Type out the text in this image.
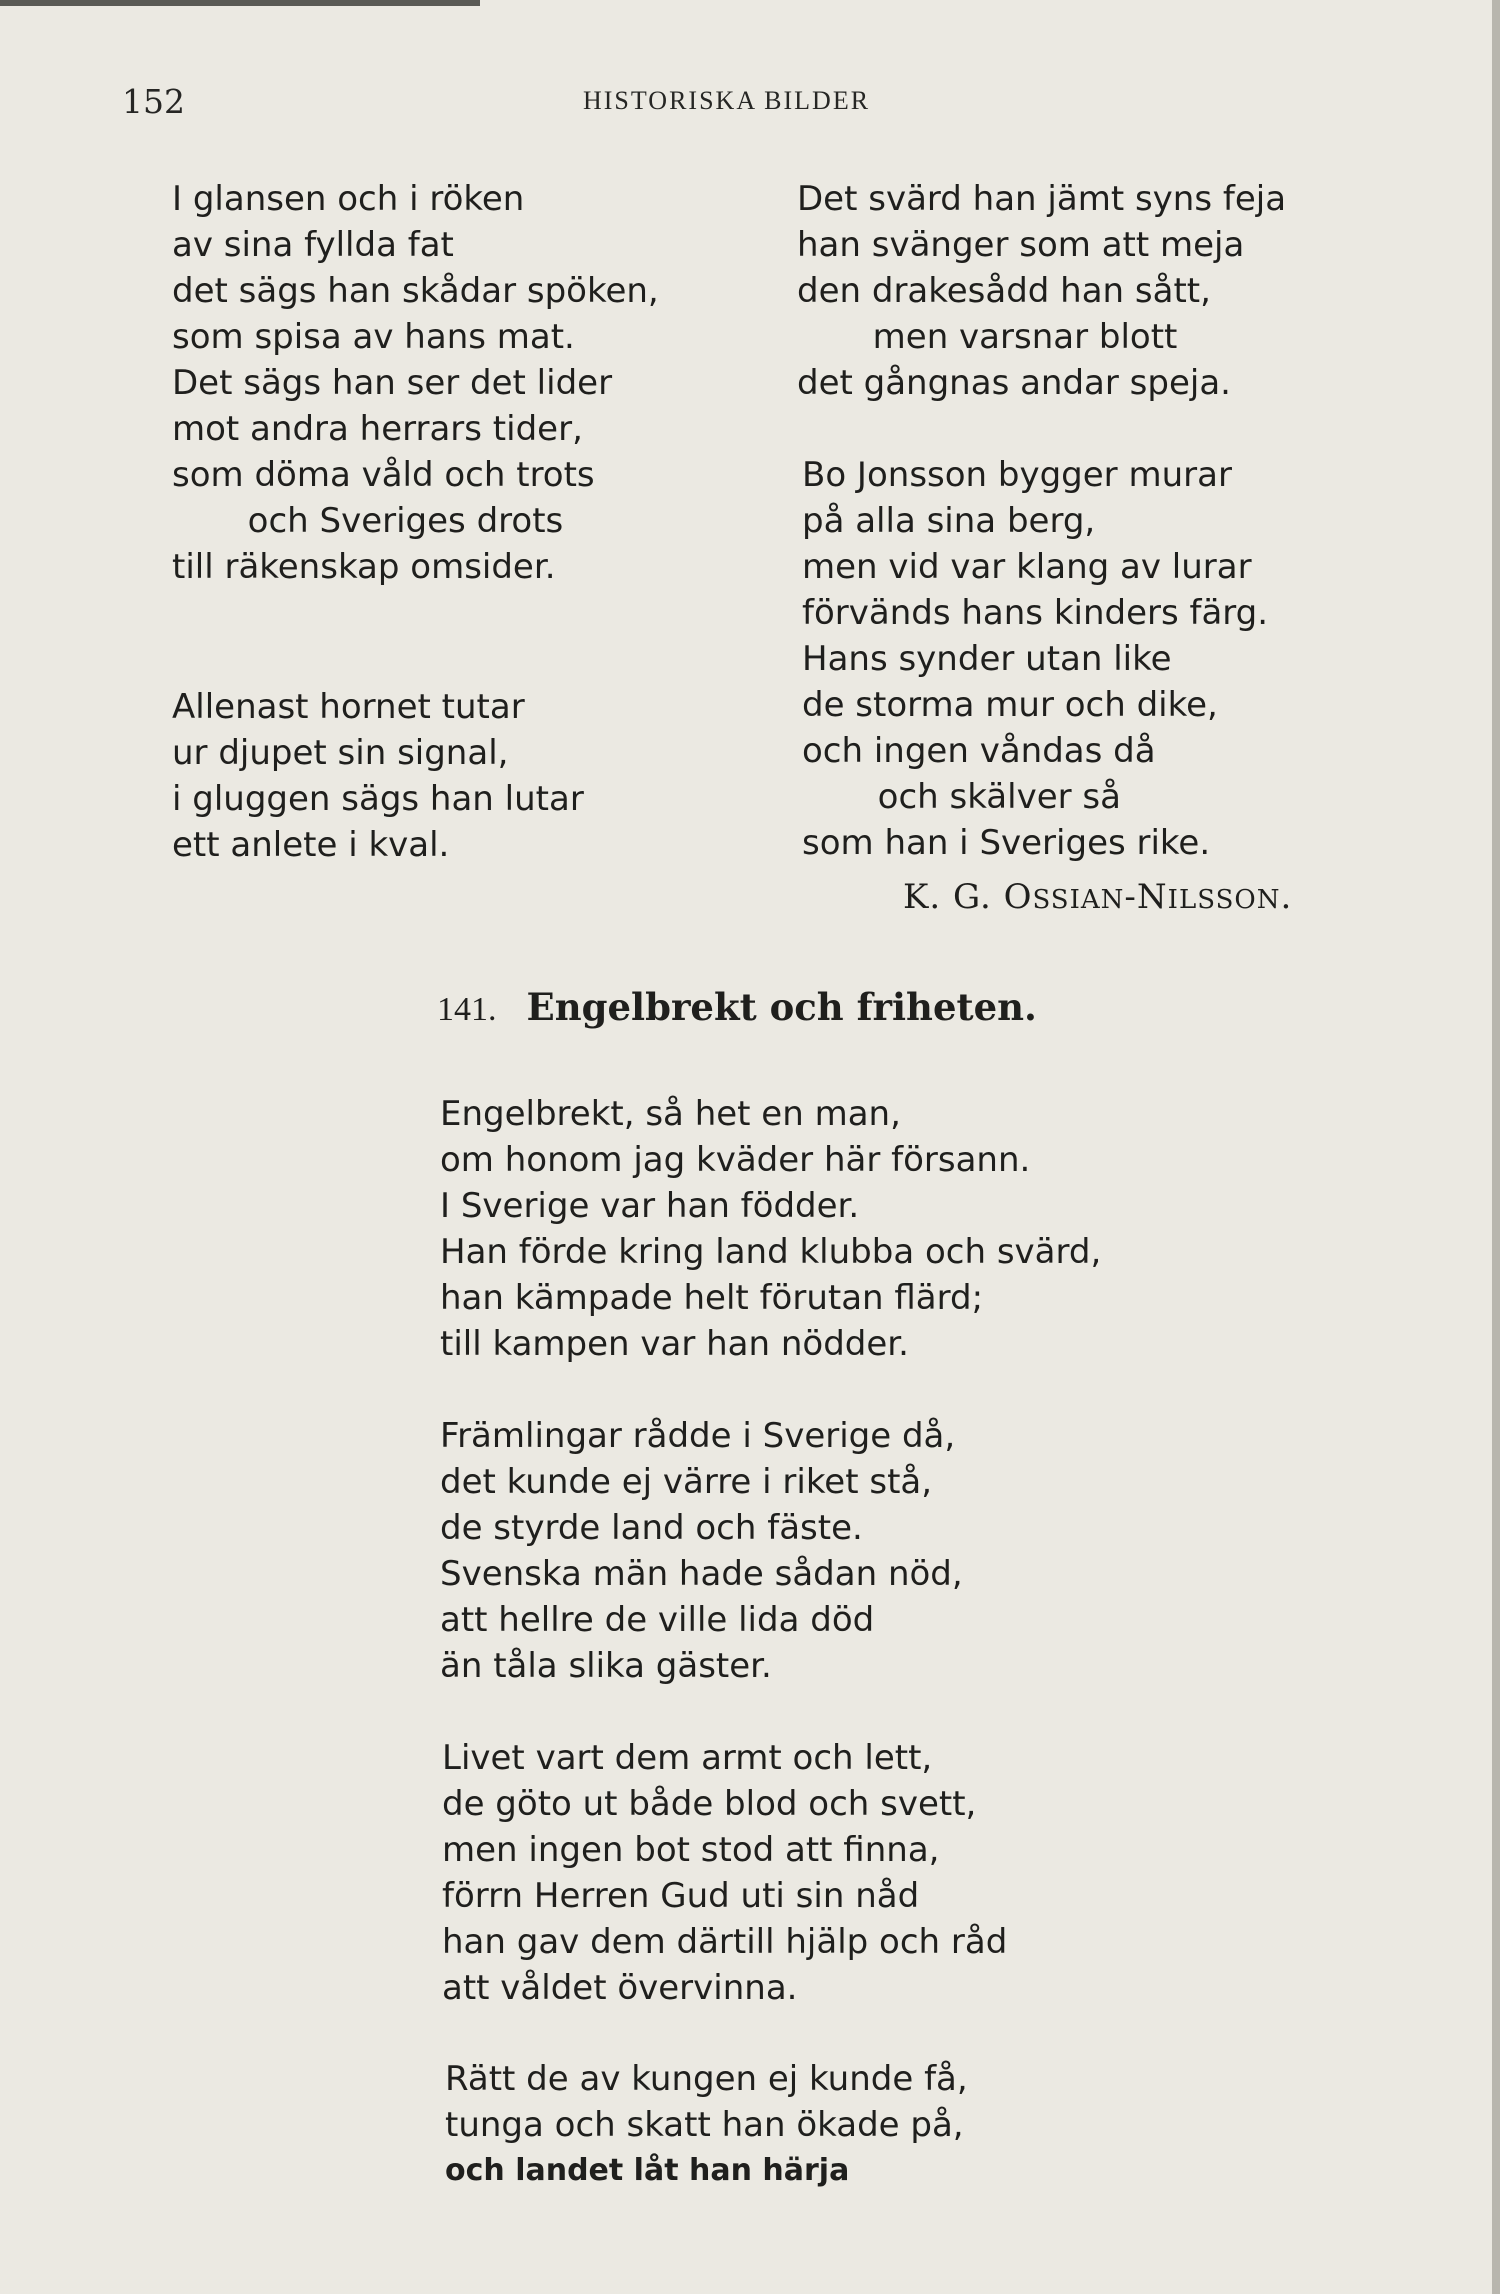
152	HISTORISKA BILDER
I glansen och i röken
av sina fyllda fat
det sägs han skådar spöken,
som spisa av hans mat.
Det sägs han ser det lider
mot andra herrars tider,
som döma våld och trots
och Sveriges drots
till räkenskap omsider.
Allenast hornet tutar
ur djupet sin signal,
i gluggen sägs han lutar
ett anlete i kval.
Det svärd han jämt syns feja
han svänger som att meja
den drakesådd han sått,
men varsnar blott
det gångnas andar speja.
Bo Jonsson bygger murar
på alla sina berg,
men vid var klang av lurar
förvänds hans kinders färg.
Hans synder utan like
de storma mur och dike,
och ingen våndas då
och skälver så
som han i Sveriges rike.
K. G. OSSIAN-NILSSON.
141. Engelbrekt och friheten.
Engelbrekt, så het en man,
om honom jag kväder här försann.
I Sverige var han födder.
Han förde kring land klubba och svärd,
han kämpade helt förutan flärd;
till kampen var han nödder.
Främlingar rådde i Sverige då,
det kunde ej värre i riket stå,
de styrde land och fäste.
Svenska män hade sådan nöd,
att hellre de ville lida död
än tåla slika gäster.
Livet vart dem armt och lett,
de göto ut både blod och svett,
men ingen bot stod att finna,
förrn Herren Gud uti sin nåd
han gav dem därtill hjälp och råd
att våldet övervinna.
Rätt de av kungen ej kunde få,
tunga och skatt han ökade på,
och landet låt han härja
